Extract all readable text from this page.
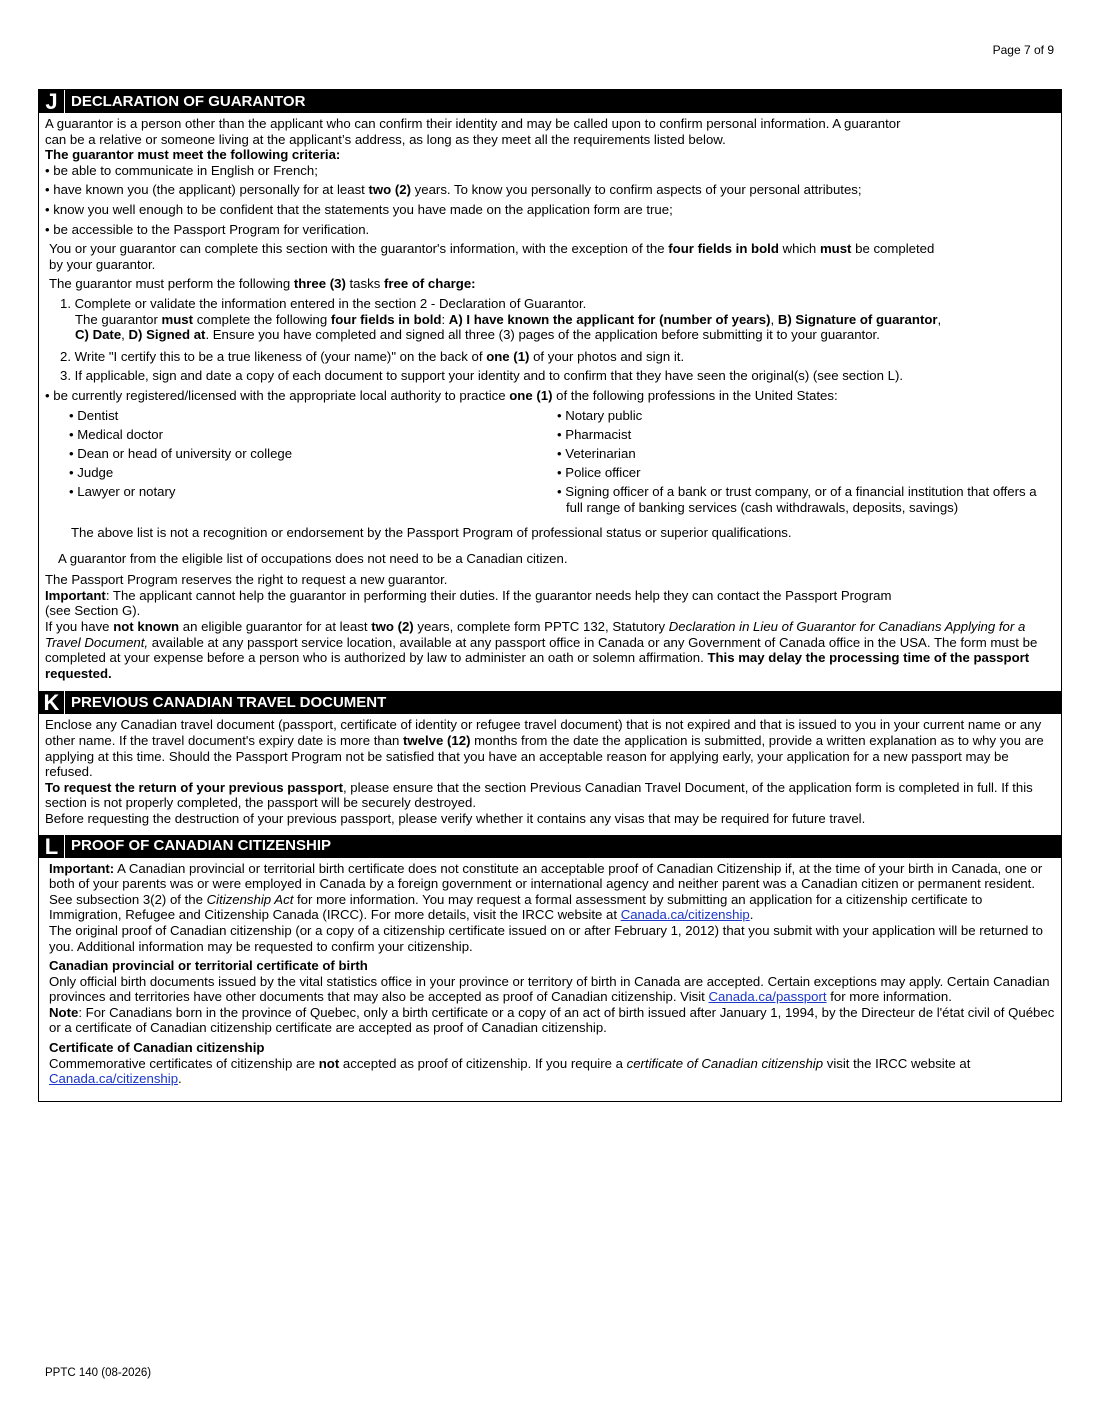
Page 7 of 9
J DECLARATION OF GUARANTOR

A guarantor is a person other than the applicant who can confirm their identity and may be called upon to confirm personal information. A guarantor

can be a relative or someone living at the applicant’s address, as long as they meet all the requirements listed below.

The guarantor must meet the following criteria:

• be able to communicate in English or French;

• have known you (the applicant) personally for at least two (2) years. To know you personally to confirm aspects of your personal attributes;

• know you well enough to be confident that the statements you have made on the application form are true;

• be accessible to the Passport Program for verification.

You or your guarantor can complete this section with the guarantor's information, with the exception of the four fields in bold which must be completed

by your guarantor.

The guarantor must perform the following three (3) tasks free of charge:

1. Complete or validate the information entered in the section 2 - Declaration of Guarantor.

The guarantor must complete the following four fields in bold: A) I have known the applicant for (number of years), B) Signature of guarantor,

C) Date, D) Signed at. Ensure you have completed and signed all three (3) pages of the application before submitting it to your guarantor.

2. Write "I certify this to be a true likeness of (your name)" on the back of one (1) of your photos and sign it.

3. If applicable, sign and date a copy of each document to support your identity and to confirm that they have seen the original(s) (see section L).

• be currently registered/licensed with the appropriate local authority to practice one (1) of the following professions in the United States:

• Dentist

• Medical doctor

• Dean or head of university or college

• Judge

• Lawyer or notary

• Notary public

• Pharmacist

• Veterinarian

• Police officer

• Signing officer of a bank or trust company, or of a financial institution that offers a full range of banking services (cash withdrawals, deposits, savings)

The above list is not a recognition or endorsement by the Passport Program of professional status or superior qualifications.

A guarantor from the eligible list of occupations does not need to be a Canadian citizen.

The Passport Program reserves the right to request a new guarantor.

Important: The applicant cannot help the guarantor in performing their duties. If the guarantor needs help they can contact the Passport Program

(see Section G).

If you have not known an eligible guarantor for at least two (2) years, complete form PPTC 132, Statutory Declaration in Lieu of Guarantor for Canadians Applying for a Travel Document, available at any passport service location, available at any passport office in Canada or any Government of Canada office in the USA. The form must be completed at your expense before a person who is authorized by law to administer an oath or solemn affirmation. This may delay the processing time of the passport requested.

K PREVIOUS CANADIAN TRAVEL DOCUMENT

Enclose any Canadian travel document (passport, certificate of identity or refugee travel document) that is not expired and that is issued to you in your current name or any other name. If the travel document's expiry date is more than twelve (12) months from the date the application is submitted, provide a written explanation as to why you are applying at this time. Should the Passport Program not be satisfied that you have an acceptable reason for applying early, your application for a new passport may be refused.

To request the return of your previous passport, please ensure that the section Previous Canadian Travel Document, of the application form is completed in full. If this section is not properly completed, the passport will be securely destroyed.

Before requesting the destruction of your previous passport, please verify whether it contains any visas that may be required for future travel.

L PROOF OF CANADIAN CITIZENSHIP

Important: A Canadian provincial or territorial birth certificate does not constitute an acceptable proof of Canadian Citizenship if, at the time of your birth in Canada, one or both of your parents was or were employed in Canada by a foreign government or international agency and neither parent was a Canadian citizen or permanent resident. See subsection 3(2) of the Citizenship Act for more information. You may request a formal assessment by submitting an application for a citizenship certificate to Immigration, Refugee and Citizenship Canada (IRCC). For more details, visit the IRCC website at Canada.ca/citizenship.

The original proof of Canadian citizenship (or a copy of a citizenship certificate issued on or after February 1, 2012) that you submit with your application will be returned to you. Additional information may be requested to confirm your citizenship.

Canadian provincial or territorial certificate of birth

Only official birth documents issued by the vital statistics office in your province or territory of birth in Canada are accepted. Certain exceptions may apply. Certain Canadian provinces and territories have other documents that may also be accepted as proof of Canadian citizenship. Visit Canada.ca/passport for more information.

Note: For Canadians born in the province of Quebec, only a birth certificate or a copy of an act of birth issued after January 1, 1994, by the Directeur de l'état civil of Québec or a certificate of Canadian citizenship certificate are accepted as proof of Canadian citizenship.

Certificate of Canadian citizenship

Commemorative certificates of citizenship are not accepted as proof of citizenship. If you require a certificate of Canadian citizenship visit the IRCC website at Canada.ca/citizenship.

PPTC 140 (08-2026)
